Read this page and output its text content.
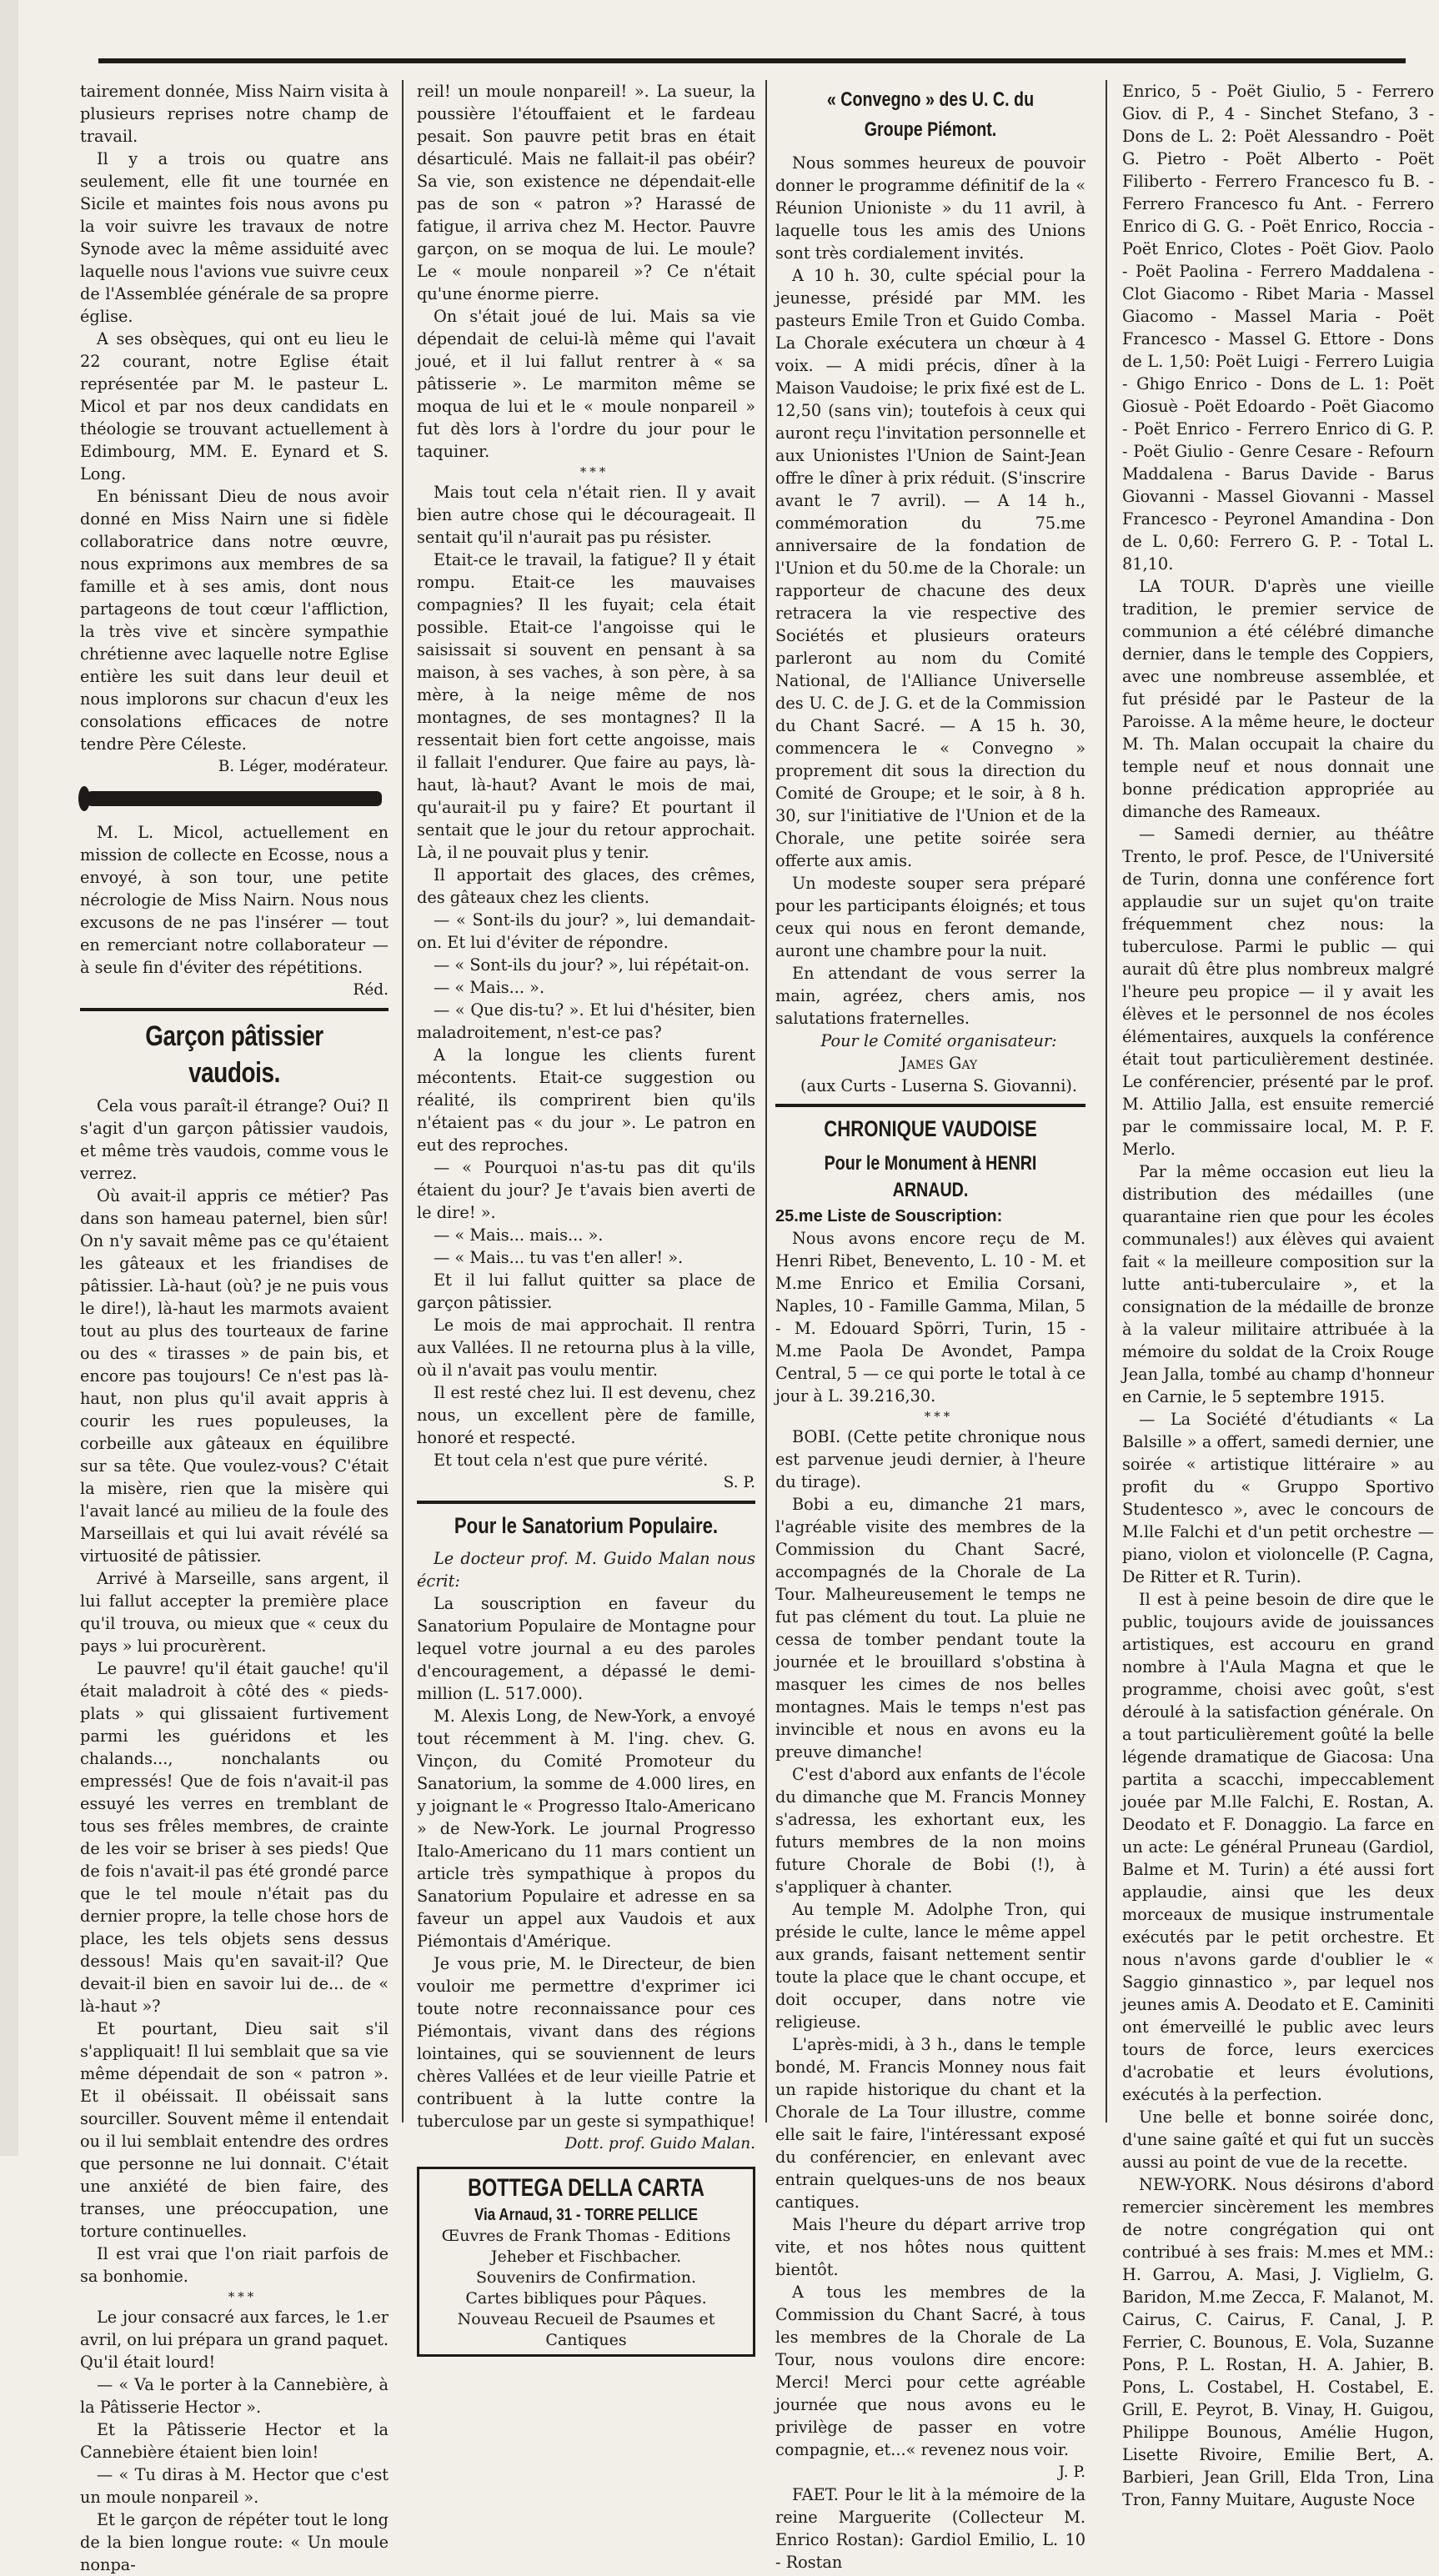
tairement donnée, Miss Nairn visita à plusieurs reprises notre champ de travail.

Il y a trois ou quatre ans seulement, elle fit une tournée en Sicile et maintes fois nous avons pu la voir suivre les travaux de notre Synode avec la même assiduité avec laquelle nous l'avions vue suivre ceux de l'Assemblée générale de sa propre église.

A ses obsèques, qui ont eu lieu le 22 courant, notre Eglise était représentée par M. le pasteur L. Micol et par nos deux candidats en théologie se trouvant actuellement à Edimbourg, MM. E. Eynard et S. Long.

En bénissant Dieu de nous avoir donné en Miss Nairn une si fidèle collaboratrice dans notre œuvre, nous exprimons aux membres de sa famille et à ses amis, dont nous partageons de tout cœur l'affliction, la très vive et sincère sympathie chrétienne avec laquelle notre Eglise entière les suit dans leur deuil et nous implorons sur chacun d'eux les consolations efficaces de notre tendre Père Céleste.

B. Léger, modérateur.

M. L. Micol, actuellement en mission de collecte en Ecosse, nous a envoyé, à son tour, une petite nécrologie de Miss Nairn. Nous nous excusons de ne pas l'insérer — tout en remerciant notre collaborateur — à seule fin d'éviter des répétitions.

Réd.

Garçon pâtissier vaudois.

Cela vous paraît-il étrange? Oui? Il s'agit d'un garçon pâtissier vaudois, et même très vaudois, comme vous le verrez.

Où avait-il appris ce métier? Pas dans son hameau paternel, bien sûr! On n'y savait même pas ce qu'étaient les gâteaux et les friandises de pâtissier. Là-haut (où? je ne puis vous le dire!), là-haut les marmots avaient tout au plus des tourteaux de farine ou des « tirasses » de pain bis, et encore pas toujours! Ce n'est pas là-haut, non plus qu'il avait appris à courir les rues populeuses, la corbeille aux gâteaux en équilibre sur sa tête. Que voulez-vous? C'était la misère, rien que la misère qui l'avait lancé au milieu de la foule des Marseillais et qui lui avait révélé sa virtuosité de pâtissier.

Arrivé à Marseille, sans argent, il lui fallut accepter la première place qu'il trouva, ou mieux que « ceux du pays » lui procurèrent.

Le pauvre! qu'il était gauche! qu'il était maladroit à côté des « pieds-plats » qui glissaient furtivement parmi les guéridons et les chalands..., nonchalants ou empressés! Que de fois n'avait-il pas essuyé les verres en tremblant de tous ses frêles membres, de crainte de les voir se briser à ses pieds! Que de fois n'avait-il pas été grondé parce que le tel moule n'était pas du dernier propre, la telle chose hors de place, les tels objets sens dessus dessous! Mais qu'en savait-il? Que devait-il bien en savoir lui de... de « là-haut »?

Et pourtant, Dieu sait s'il s'appliquait! Il lui semblait que sa vie même dépendait de son « patron ». Et il obéissait. Il obéissait sans sourciller. Souvent même il entendait ou il lui semblait entendre des ordres que personne ne lui donnait. C'était une anxiété de bien faire, des transes, une préoccupation, une torture continuelles.

Il est vrai que l'on riait parfois de sa bonhomie.

***

Le jour consacré aux farces, le 1.er avril, on lui prépara un grand paquet. Qu'il était lourd!

— « Va le porter à la Cannebière, à la Pâtisserie Hector ».

Et la Pâtisserie Hector et la Cannebière étaient bien loin!

— « Tu diras à M. Hector que c'est un moule nonpareil ».

Et le garçon de répéter tout le long de la bien longue route: « Un moule nonpa-

reil! un moule nonpareil! ». La sueur, la poussière l'étouffaient et le fardeau pesait. Son pauvre petit bras en était désarticulé. Mais ne fallait-il pas obéir? Sa vie, son existence ne dépendait-elle pas de son « patron »? Harassé de fatigue, il arriva chez M. Hector. Pauvre garçon, on se moqua de lui. Le moule? Le « moule nonpareil »? Ce n'était qu'une énorme pierre.

On s'était joué de lui. Mais sa vie dépendait de celui-là même qui l'avait joué, et il lui fallut rentrer à « sa pâtisserie ». Le marmiton même se moqua de lui et le « moule nonpareil » fut dès lors à l'ordre du jour pour le taquiner.

***

Mais tout cela n'était rien. Il y avait bien autre chose qui le décourageait. Il sentait qu'il n'aurait pas pu résister.

Etait-ce le travail, la fatigue? Il y était rompu. Etait-ce les mauvaises compagnies? Il les fuyait; cela était possible. Etait-ce l'angoisse qui le saisissait si souvent en pensant à sa maison, à ses vaches, à son père, à sa mère, à la neige même de nos montagnes, de ses montagnes? Il la ressentait bien fort cette angoisse, mais il fallait l'endurer. Que faire au pays, là-haut, là-haut? Avant le mois de mai, qu'aurait-il pu y faire? Et pourtant il sentait que le jour du retour approchait. Là, il ne pouvait plus y tenir.

Il apportait des glaces, des crêmes, des gâteaux chez les clients.

— « Sont-ils du jour? », lui demandait-on. Et lui d'éviter de répondre.

— « Sont-ils du jour? », lui répétait-on.

— « Mais... ».

— « Que dis-tu? ». Et lui d'hésiter, bien maladroitement, n'est-ce pas?

A la longue les clients furent mécontents. Etait-ce suggestion ou réalité, ils comprirent bien qu'ils n'étaient pas « du jour ». Le patron en eut des reproches.

— « Pourquoi n'as-tu pas dit qu'ils étaient du jour? Je t'avais bien averti de le dire! ».

— « Mais... mais... ».

— « Mais... tu vas t'en aller! ».

Et il lui fallut quitter sa place de garçon pâtissier.

Le mois de mai approchait. Il rentra aux Vallées. Il ne retourna plus à la ville, où il n'avait pas voulu mentir.

Il est resté chez lui. Il est devenu, chez nous, un excellent père de famille, honoré et respecté.

Et tout cela n'est que pure vérité.

S. P.

Pour le Sanatorium Populaire.

Le docteur prof. M. Guido Malan nous écrit:

La souscription en faveur du Sanatorium Populaire de Montagne pour lequel votre journal a eu des paroles d'encouragement, a dépassé le demi-million (L. 517.000).

M. Alexis Long, de New-York, a envoyé tout récemment à M. l'ing. chev. G. Vinçon, du Comité Promoteur du Sanatorium, la somme de 4.000 lires, en y joignant le « Progresso Italo-Americano » de New-York. Le journal Progresso Italo-Americano du 11 mars contient un article très sympathique à propos du Sanatorium Populaire et adresse en sa faveur un appel aux Vaudois et aux Piémontais d'Amérique.

Je vous prie, M. le Directeur, de bien vouloir me permettre d'exprimer ici toute notre reconnaissance pour ces Piémontais, vivant dans des régions lointaines, qui se souviennent de leurs chères Vallées et de leur vieille Patrie et contribuent à la lutte contre la tuberculose par un geste si sympathique!

Dott. prof. Guido Malan.

BOTTEGA DELLA CARTA
Via Arnaud, 31 - TORRE PELLICE
Œuvres de Frank Thomas - Editions
Jeheber et Fischbacher.
Souvenirs de Confirmation.
Cartes bibliques pour Pâques.
Nouveau Recueil de Psaumes et Cantiques
« Convegno » des U. C. du Groupe Piémont.

Nous sommes heureux de pouvoir donner le programme définitif de la « Réunion Unioniste » du 11 avril, à laquelle tous les amis des Unions sont très cordialement invités.

A 10 h. 30, culte spécial pour la jeunesse, présidé par MM. les pasteurs Emile Tron et Guido Comba. La Chorale exécutera un chœur à 4 voix. — A midi précis, dîner à la Maison Vaudoise; le prix fixé est de L. 12,50 (sans vin); toutefois à ceux qui auront reçu l'invitation personnelle et aux Unionistes l'Union de Saint-Jean offre le dîner à prix réduit. (S'inscrire avant le 7 avril). — A 14 h., commémoration du 75.me anniversaire de la fondation de l'Union et du 50.me de la Chorale: un rapporteur de chacune des deux retracera la vie respective des Sociétés et plusieurs orateurs parleront au nom du Comité National, de l'Alliance Universelle des U. C. de J. G. et de la Commission du Chant Sacré. — A 15 h. 30, commencera le « Convegno » proprement dit sous la direction du Comité de Groupe; et le soir, à 8 h. 30, sur l'initiative de l'Union et de la Chorale, une petite soirée sera offerte aux amis.

Un modeste souper sera préparé pour les participants éloignés; et tous ceux qui nous en feront demande, auront une chambre pour la nuit.

En attendant de vous serrer la main, agréez, chers amis, nos salutations fraternelles.

Pour le Comité organisateur:

James Gay

(aux Curts - Luserna S. Giovanni).

CHRONIQUE VAUDOISE
Pour le Monument à HENRI ARNAUD.
25.me Liste de Souscription:

Nous avons encore reçu de M. Henri Ribet, Benevento, L. 10 - M. et M.me Enrico et Emilia Corsani, Naples, 10 - Famille Gamma, Milan, 5 - M. Edouard Spörri, Turin, 15 - M.me Paola De Avondet, Pampa Central, 5 — ce qui porte le total à ce jour à L. 39.216,30.

***

BOBI. (Cette petite chronique nous est parvenue jeudi dernier, à l'heure du tirage).

Bobi a eu, dimanche 21 mars, l'agréable visite des membres de la Commission du Chant Sacré, accompagnés de la Chorale de La Tour. Malheureusement le temps ne fut pas clément du tout. La pluie ne cessa de tomber pendant toute la journée et le brouillard s'obstina à masquer les cimes de nos belles montagnes. Mais le temps n'est pas invincible et nous en avons eu la preuve dimanche!

C'est d'abord aux enfants de l'école du dimanche que M. Francis Monney s'adressa, les exhortant eux, les futurs membres de la non moins future Chorale de Bobi (!), à s'appliquer à chanter.

Au temple M. Adolphe Tron, qui préside le culte, lance le même appel aux grands, faisant nettement sentir toute la place que le chant occupe, et doit occuper, dans notre vie religieuse.

L'après-midi, à 3 h., dans le temple bondé, M. Francis Monney nous fait un rapide historique du chant et la Chorale de La Tour illustre, comme elle sait le faire, l'intéressant exposé du conférencier, en enlevant avec entrain quelques-uns de nos beaux cantiques.

Mais l'heure du départ arrive trop vite, et nos hôtes nous quittent bientôt.

A tous les membres de la Commission du Chant Sacré, à tous les membres de la Chorale de La Tour, nous voulons dire encore: Merci! Merci pour cette agréable journée que nous avons eu le privilège de passer en votre compagnie, et...« revenez nous voir.

J. P.

FAET. Pour le lit à la mémoire de la reine Marguerite (Collecteur M. Enrico Rostan): Gardiol Emilio, L. 10 - Rostan

Enrico, 5 - Poët Giulio, 5 - Ferrero Giov. di P., 4 - Sinchet Stefano, 3 - Dons de L. 2: Poët Alessandro - Poët G. Pietro - Poët Alberto - Poët Filiberto - Ferrero Francesco fu B. - Ferrero Francesco fu Ant. - Ferrero Enrico di G. G. - Poët Enrico, Roccia - Poët Enrico, Clotes - Poët Giov. Paolo - Poët Paolina - Ferrero Maddalena - Clot Giacomo - Ribet Maria - Massel Giacomo - Massel Maria - Poët Francesco - Massel G. Ettore - Dons de L. 1,50: Poët Luigi - Ferrero Luigia - Ghigo Enrico - Dons de L. 1: Poët Giosuè - Poët Edoardo - Poët Giacomo - Poët Enrico - Ferrero Enrico di G. P. - Poët Giulio - Genre Cesare - Refourn Maddalena - Barus Davide - Barus Giovanni - Massel Giovanni - Massel Francesco - Peyronel Amandina - Don de L. 0,60: Ferrero G. P. - Total L. 81,10.

LA TOUR. D'après une vieille tradition, le premier service de communion a été célébré dimanche dernier, dans le temple des Coppiers, avec une nombreuse assemblée, et fut présidé par le Pasteur de la Paroisse. A la même heure, le docteur M. Th. Malan occupait la chaire du temple neuf et nous donnait une bonne prédication appropriée au dimanche des Rameaux.

— Samedi dernier, au théâtre Trento, le prof. Pesce, de l'Université de Turin, donna une conférence fort applaudie sur un sujet qu'on traite fréquemment chez nous: la tuberculose. Parmi le public — qui aurait dû être plus nombreux malgré l'heure peu propice — il y avait les élèves et le personnel de nos écoles élémentaires, auxquels la conférence était tout particulièrement destinée. Le conférencier, présenté par le prof. M. Attilio Jalla, est ensuite remercié par le commissaire local, M. P. F. Merlo.

Par la même occasion eut lieu la distribution des médailles (une quarantaine rien que pour les écoles communales!) aux élèves qui avaient fait « la meilleure composition sur la lutte anti-tuberculaire », et la consignation de la médaille de bronze à la valeur militaire attribuée à la mémoire du soldat de la Croix Rouge Jean Jalla, tombé au champ d'honneur en Carnie, le 5 septembre 1915.

— La Société d'étudiants « La Balsille » a offert, samedi dernier, une soirée « artistique littéraire » au profit du « Gruppo Sportivo Studentesco », avec le concours de M.lle Falchi et d'un petit orchestre — piano, violon et violoncelle (P. Cagna, De Ritter et R. Turin).

Il est à peine besoin de dire que le public, toujours avide de jouissances artistiques, est accouru en grand nombre à l'Aula Magna et que le programme, choisi avec goût, s'est déroulé à la satisfaction générale. On a tout particulièrement goûté la belle légende dramatique de Giacosa: Una partita a scacchi, impeccablement jouée par M.lle Falchi, E. Rostan, A. Deodato et F. Donaggio. La farce en un acte: Le général Pruneau (Gardiol, Balme et M. Turin) a été aussi fort applaudie, ainsi que les deux morceaux de musique instrumentale exécutés par le petit orchestre. Et nous n'avons garde d'oublier le « Saggio ginnastico », par lequel nos jeunes amis A. Deodato et E. Caminiti ont émerveillé le public avec leurs tours de force, leurs exercices d'acrobatie et leurs évolutions, exécutés à la perfection.

Une belle et bonne soirée donc, d'une saine gaîté et qui fut un succès aussi au point de vue de la recette.

NEW-YORK. Nous désirons d'abord remercier sincèrement les membres de notre congrégation qui ont contribué à ses frais: M.mes et MM.: H. Garrou, A. Masi, J. Viglielm, G. Baridon, M.me Zecca, F. Malanot, M. Cairus, C. Cairus, F. Canal, J. P. Ferrier, C. Bounous, E. Vola, Suzanne Pons, P. L. Rostan, H. A. Jahier, B. Pons, L. Costabel, H. Costabel, E. Grill, E. Peyrot, B. Vinay, H. Guigou, Philippe Bounous, Amélie Hugon, Lisette Rivoire, Emilie Bert, A. Barbieri, Jean Grill, Elda Tron, Lina Tron, Fanny Muitare, Auguste Noce
